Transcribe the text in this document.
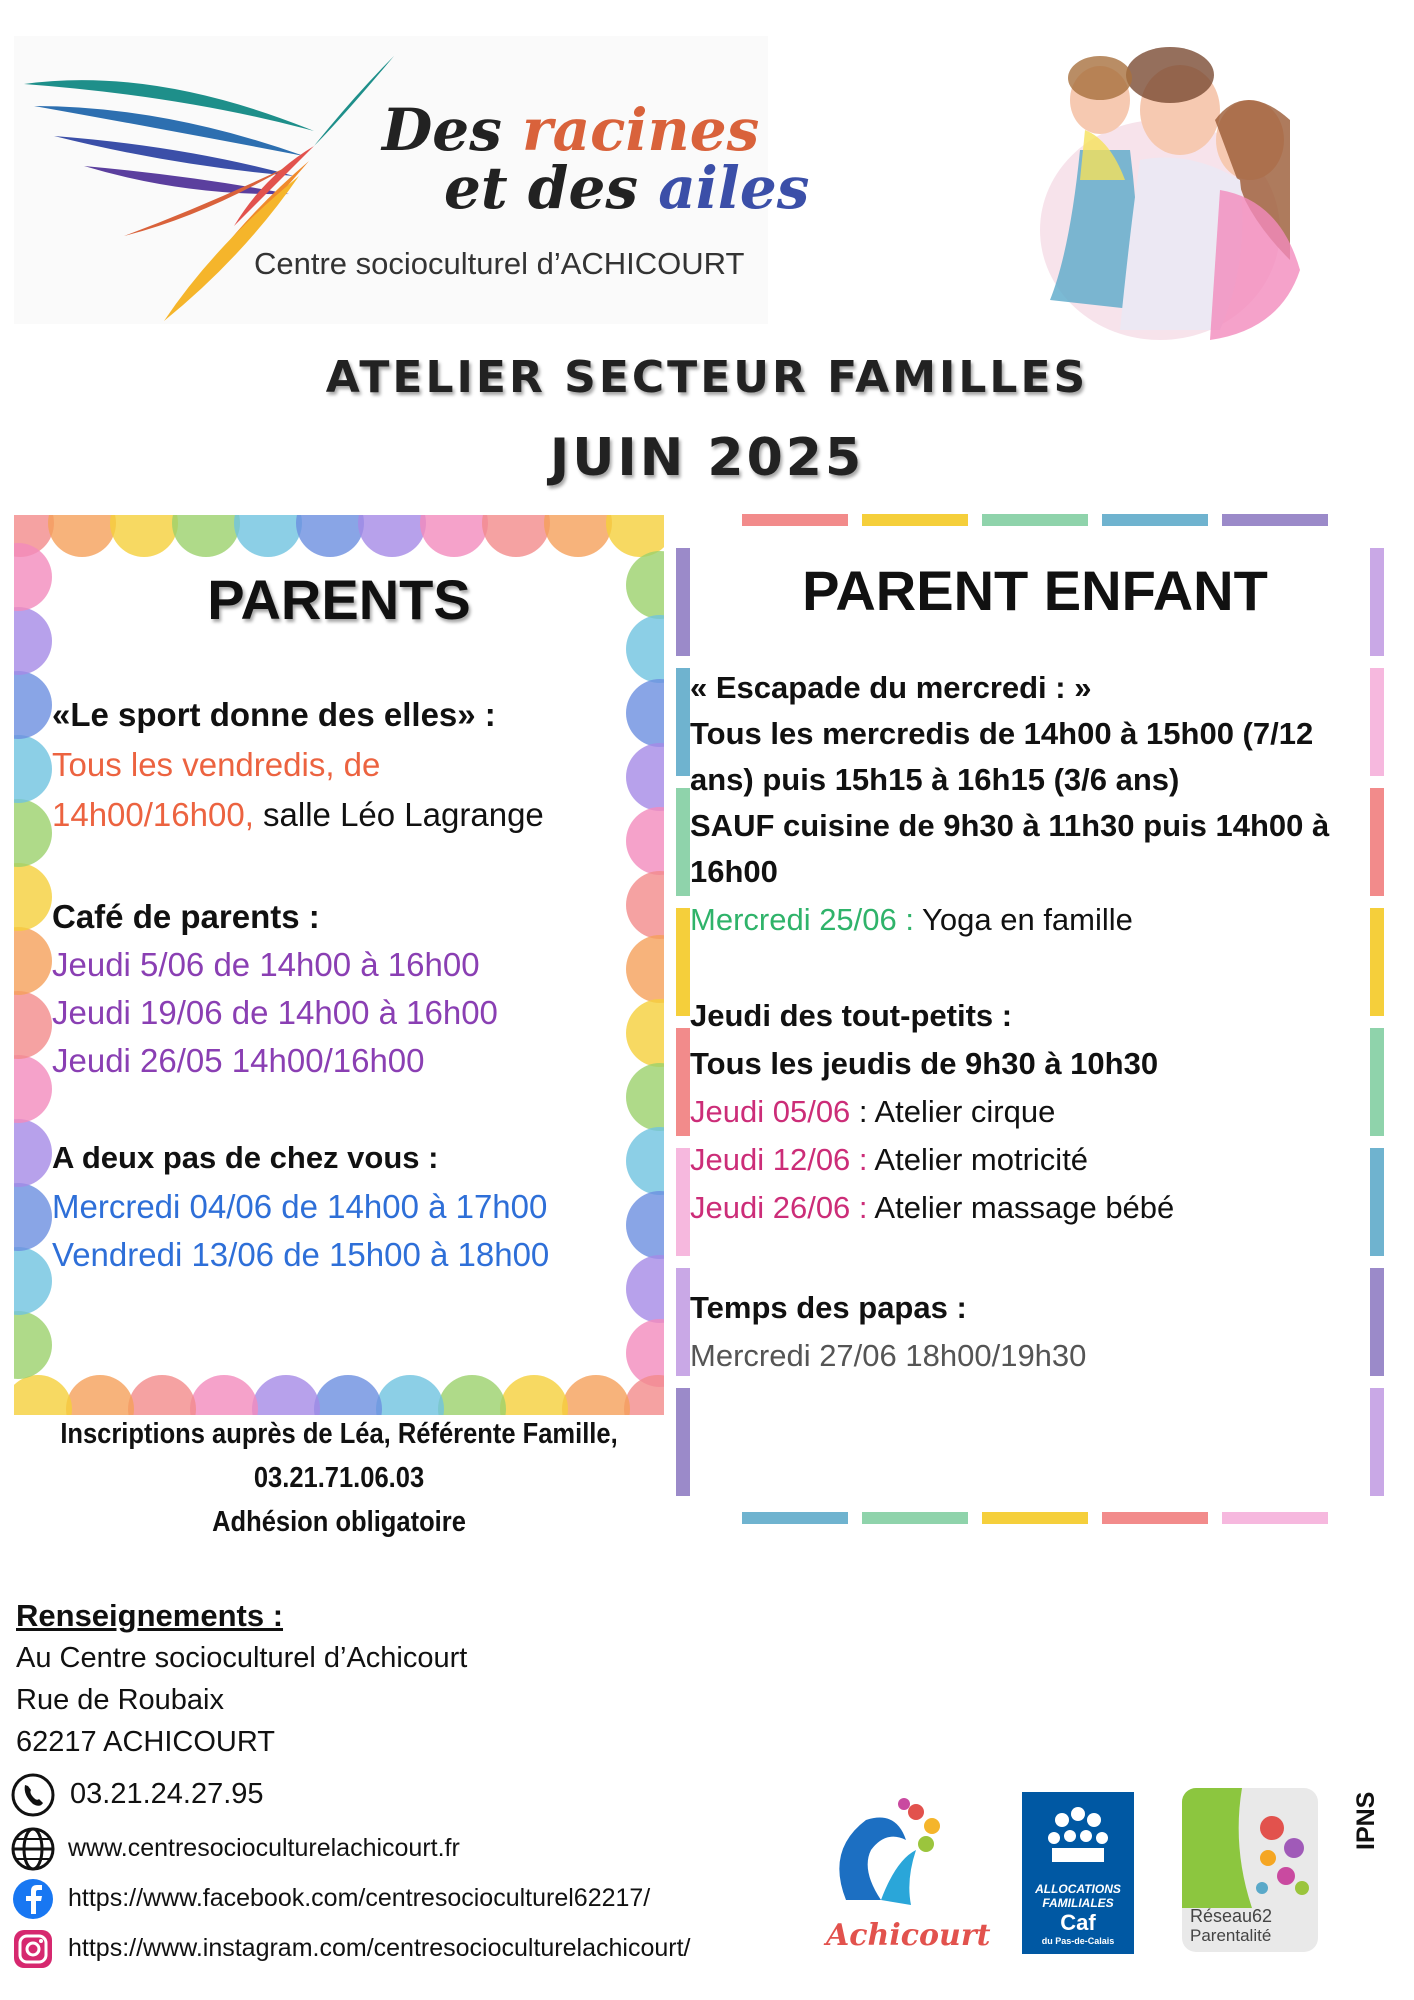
Des racines
et des ailes
Centre socioculturel d’ACHICOURT
ATELIER SECTEUR FAMILLES
JUIN 2025
PARENTS
«Le sport donne des elles» :
Tous les vendredis, de
14h00/16h00, salle Léo Lagrange
Café de parents :
Jeudi 5/06 de 14h00 à 16h00
Jeudi 19/06 de 14h00 à 16h00
Jeudi 26/05 14h00/16h00
A deux pas de chez vous :
Mercredi 04/06 de 14h00 à 17h00
Vendredi 13/06 de 15h00 à 18h00
Inscriptions auprès de Léa, Référente Famille,
03.21.71.06.03
Adhésion obligatoire
PARENT ENFANT
« Escapade du mercredi : »
Tous les mercredis de 14h00 à 15h00 (7/12
ans) puis 15h15 à 16h15 (3/6 ans)
SAUF cuisine de 9h30 à 11h30 puis 14h00 à
16h00
Mercredi 25/06 : Yoga en famille
Jeudi des tout-petits :
Tous les jeudis de 9h30 à 10h30
Jeudi 05/06 : Atelier cirque
Jeudi 12/06 : Atelier motricité
Jeudi 26/06 : Atelier massage bébé
Temps des papas :
Mercredi 27/06 18h00/19h30
Renseignements :
Au Centre socioculturel d’Achicourt
Rue de Roubaix
62217 ACHICOURT
03.21.24.27.95
www.centresocioculturelachicourt.fr
https://www.facebook.com/centresocioculturel62217/
https://www.instagram.com/centresocioculturelachicourt/	Achicourt
ALLOCATIONS
FAMILIALES
Caf
du Pas-de-Calais
Réseau62
Parentalité
IPNS
